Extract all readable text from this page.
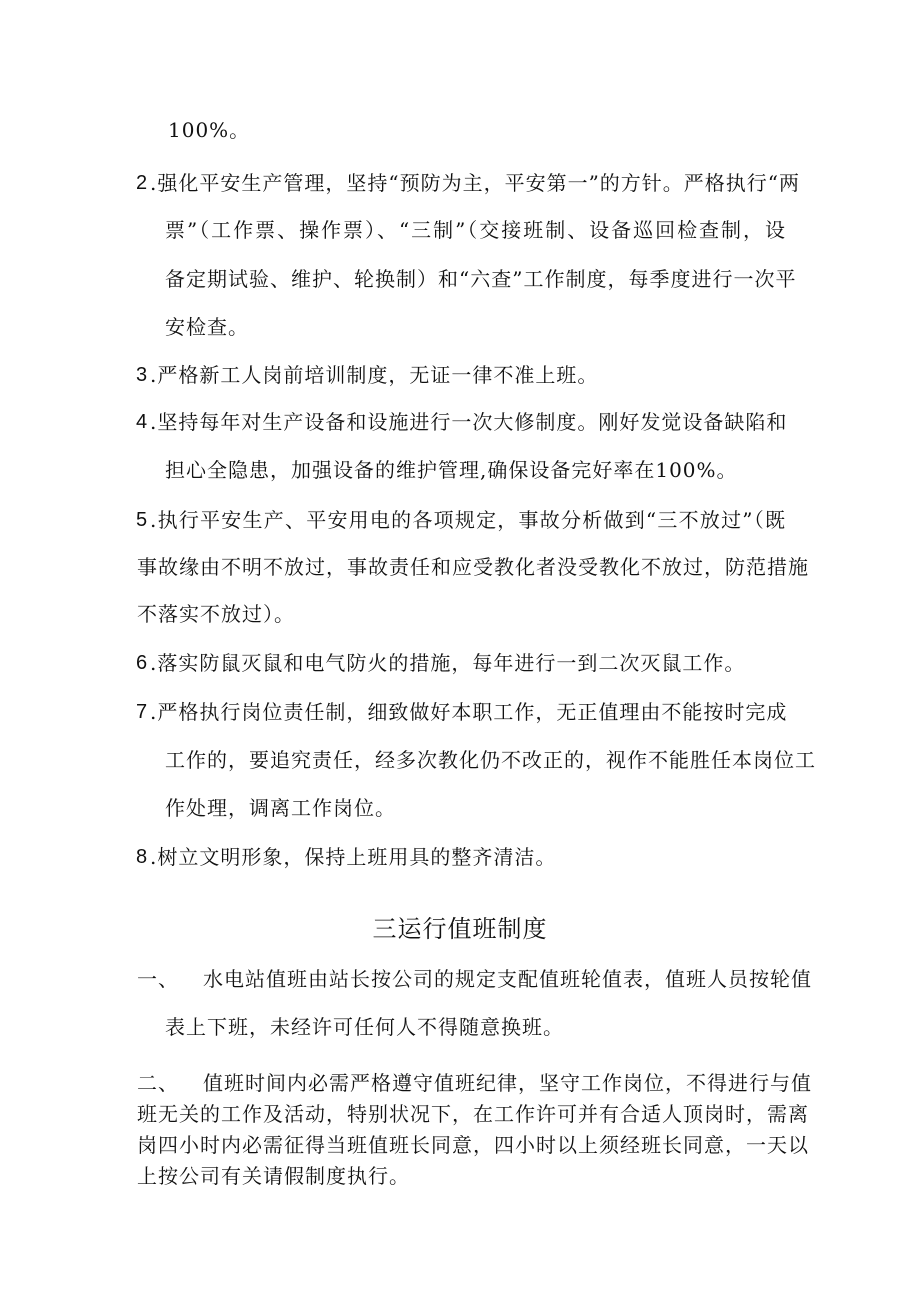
100%。
2 .强化平安生产管理，坚持“预防为主，平安第一”的方针。严格执行“两
票”（工作票、操作票）、“三制”（交接班制、设备巡回检查制，设
备定期试验、维护、轮换制）和“六查”工作制度，每季度进行一次平
安检查。
3 .严格新工人岗前培训制度，无证一律不准上班。
4 .坚持每年对生产设备和设施进行一次大修制度。刚好发觉设备缺陷和
担心全隐患，加强设备的维护管理,确保设备完好率在100%。
5 .执行平安生产、平安用电的各项规定，事故分析做到“三不放过”（既
事故缘由不明不放过，事故责任和应受教化者没受教化不放过，防范措施
不落实不放过）。
6 .落实防鼠灭鼠和电气防火的措施，每年进行一到二次灭鼠工作。
7 .严格执行岗位责任制，细致做好本职工作，无正值理由不能按时完成
工作的，要追究责任，经多次教化仍不改正的，视作不能胜任本岗位工
作处理，调离工作岗位。
8 .树立文明形象，保持上班用具的整齐清洁。
三运行值班制度
一、 水电站值班由站长按公司的规定支配值班轮值表，值班人员按轮值
表上下班，未经许可任何人不得随意换班。
二、 值班时间内必需严格遵守值班纪律，坚守工作岗位，不得进行与值
班无关的工作及活动，特别状况下，在工作许可并有合适人顶岗时，需离
岗四小时内必需征得当班值班长同意，四小时以上须经班长同意，一天以
上按公司有关请假制度执行。
